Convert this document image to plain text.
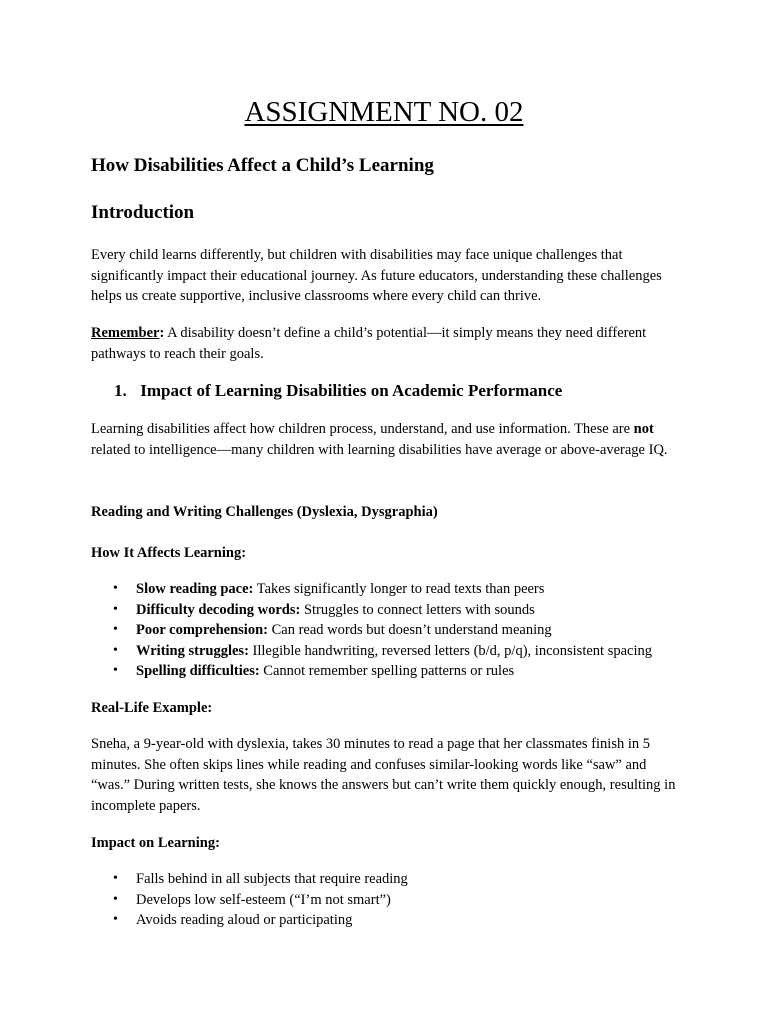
ASSIGNMENT NO. 02
How Disabilities Affect a Child’s Learning
Introduction

Every child learns differently, but children with disabilities may face unique challenges that significantly impact their educational journey. As future educators, understanding these challenges helps us create supportive, inclusive classrooms where every child can thrive.

Remember: A disability doesn’t define a child’s potential—it simply means they need different pathways to reach their goals.

1. Impact of Learning Disabilities on Academic Performance

Learning disabilities affect how children process, understand, and use information. These are not related to intelligence—many children with learning disabilities have average or above-average IQ.

Reading and Writing Challenges (Dyslexia, Dysgraphia)
How It Affects Learning:
• Slow reading pace: Takes significantly longer to read texts than peers
• Difficulty decoding words: Struggles to connect letters with sounds
• Poor comprehension: Can read words but doesn’t understand meaning
• Writing struggles: Illegible handwriting, reversed letters (b/d, p/q), inconsistent spacing
• Spelling difficulties: Cannot remember spelling patterns or rules
Real-Life Example:

Sneha, a 9-year-old with dyslexia, takes 30 minutes to read a page that her classmates finish in 5 minutes. She often skips lines while reading and confuses similar-looking words like “saw” and “was.” During written tests, she knows the answers but can’t write them quickly enough, resulting in incomplete papers.

Impact on Learning:
• Falls behind in all subjects that require reading
• Develops low self-esteem (“I’m not smart”)
• Avoids reading aloud or participating
